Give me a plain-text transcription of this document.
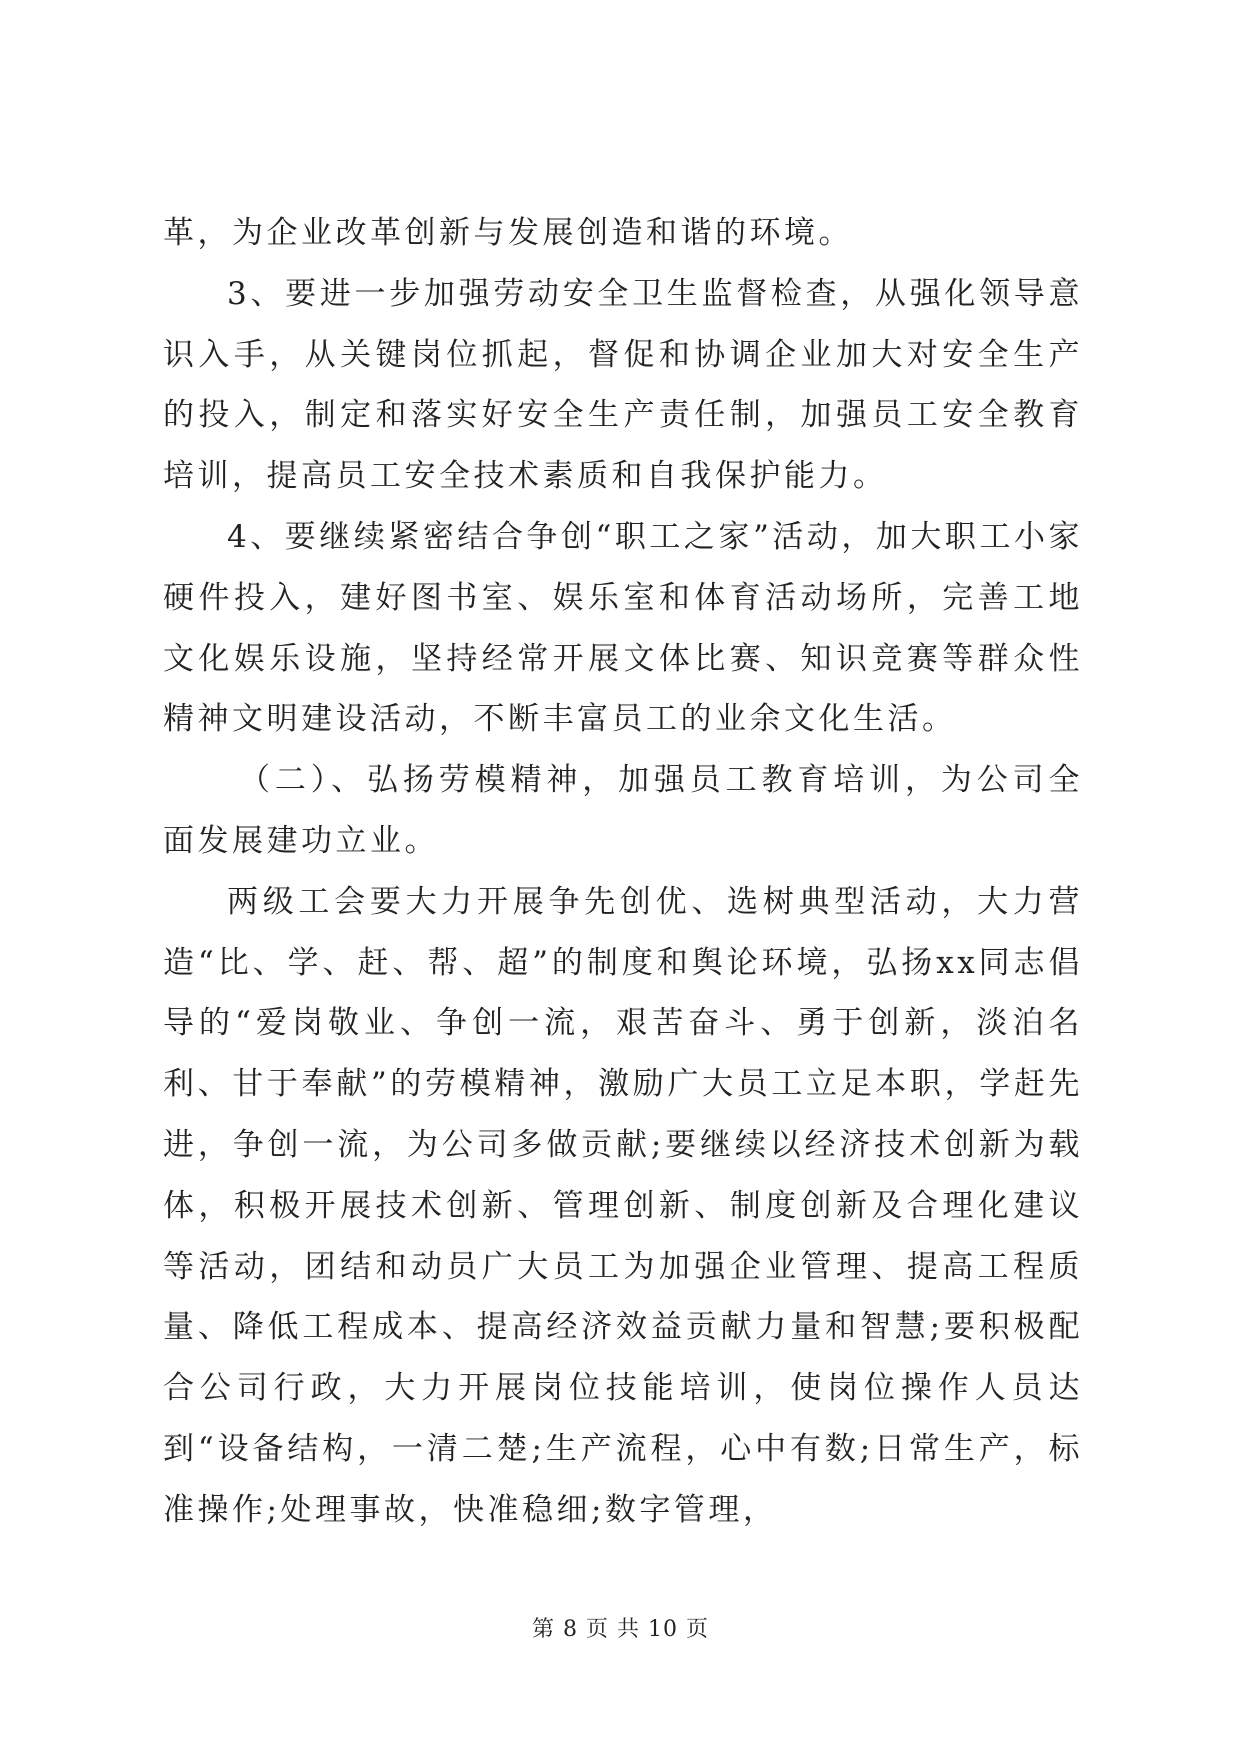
革，为企业改革创新与发展创造和谐的环境。

3、要进一步加强劳动安全卫生监督检查，从强化领导意识入手，从关键岗位抓起，督促和协调企业加大对安全生产的投入，制定和落实好安全生产责任制，加强员工安全教育培训，提高员工安全技术素质和自我保护能力。

4、要继续紧密结合争创“职工之家”活动，加大职工小家硬件投入，建好图书室、娱乐室和体育活动场所，完善工地文化娱乐设施，坚持经常开展文体比赛、知识竞赛等群众性精神文明建设活动，不断丰富员工的业余文化生活。

（二）、弘扬劳模精神，加强员工教育培训，为公司全面发展建功立业。

两级工会要大力开展争先创优、选树典型活动，大力营造“比、学、赶、帮、超”的制度和舆论环境，弘扬xx同志倡导的“爱岗敬业、争创一流，艰苦奋斗、勇于创新，淡泊名利、甘于奉献”的劳模精神，激励广大员工立足本职，学赶先进，争创一流，为公司多做贡献;要继续以经济技术创新为载体，积极开展技术创新、管理创新、制度创新及合理化建议等活动，团结和动员广大员工为加强企业管理、提高工程质量、降低工程成本、提高经济效益贡献力量和智慧;要积极配合公司行政，大力开展岗位技能培训，使岗位操作人员达到“设备结构，一清二楚;生产流程，心中有数;日常生产，标准操作;处理事故，快准稳细;数字管理，

第 8 页 共 10 页
